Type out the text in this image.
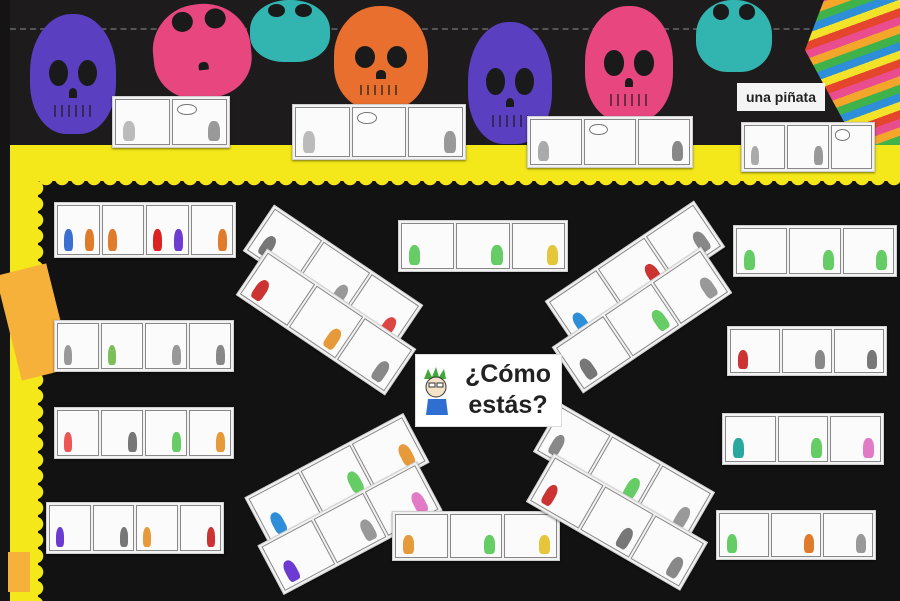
una piñata
¿Cómo
estás?
